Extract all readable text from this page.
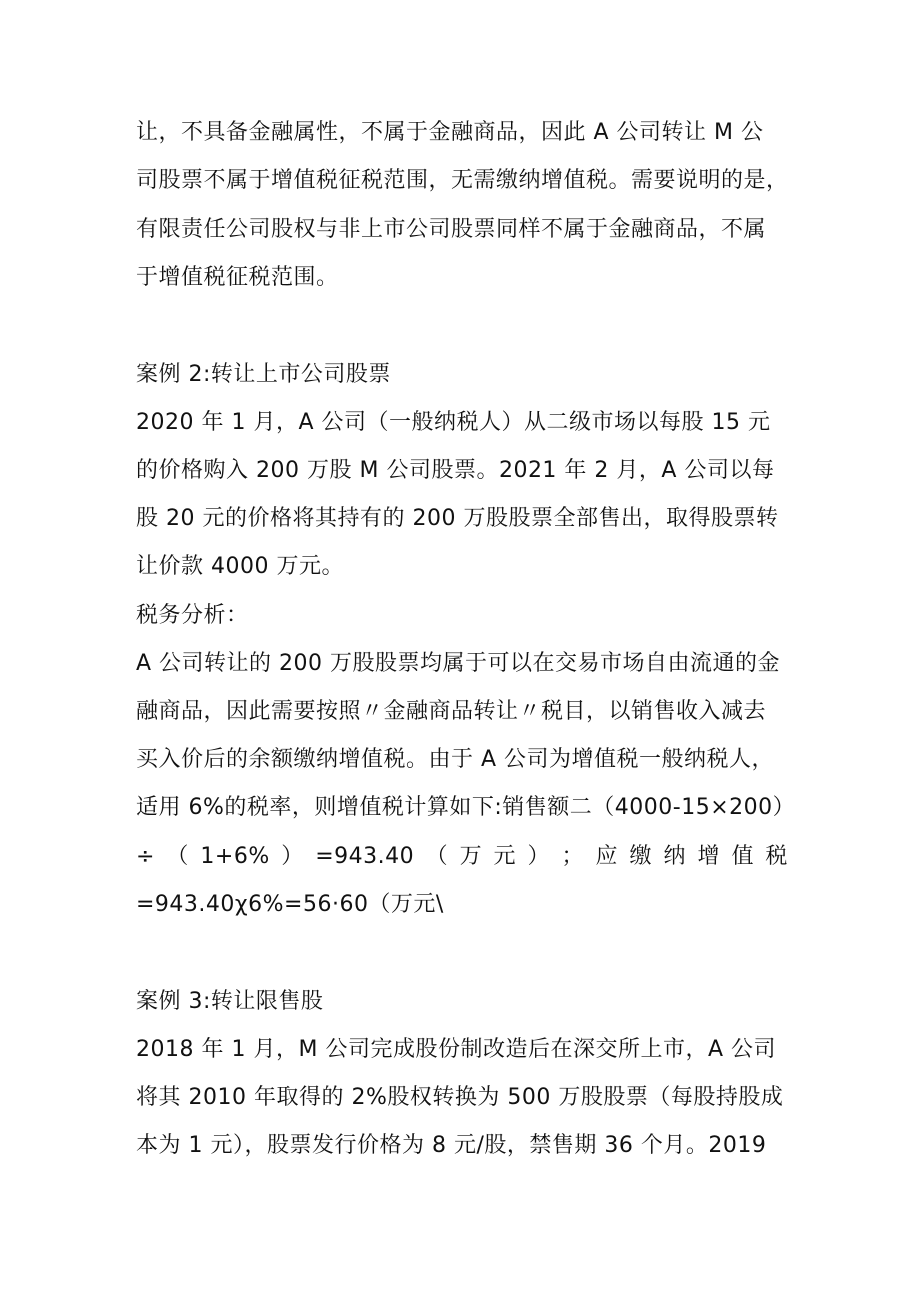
让，不具备金融属性，不属于金融商品，因此 A 公司转让 M 公
司股票不属于增值税征税范围，无需缴纳增值税。需要说明的是，
有限责任公司股权与非上市公司股票同样不属于金融商品，不属
于增值税征税范围。
案例 2:转让上市公司股票
2020 年 1 月，A 公司（一般纳税人）从二级市场以每股 15 元
的价格购入 200 万股 M 公司股票。2021 年 2 月，A 公司以每
股 20 元的价格将其持有的 200 万股股票全部售出，取得股票转
让价款 4000 万元。
税务分析：
A 公司转让的 200 万股股票均属于可以在交易市场自由流通的金
融商品，因此需要按照〃金融商品转让〃税目，以销售收入减去
买入价后的余额缴纳增值税。由于 A 公司为增值税一般纳税人，
适用 6%的税率，则增值税计算如下:销售额二（4000-15×200）
÷ （ 1+6% ） =943.40 （ 万 元 ） ； 应 缴 纳 增 值 税
=943.40χ6%=56·60（万元\
案例 3:转让限售股
2018 年 1 月，M 公司完成股份制改造后在深交所上市，A 公司
将其 2010 年取得的 2%股权转换为 500 万股股票（每股持股成
本为 1 元），股票发行价格为 8 元/股，禁售期 36 个月。2019
